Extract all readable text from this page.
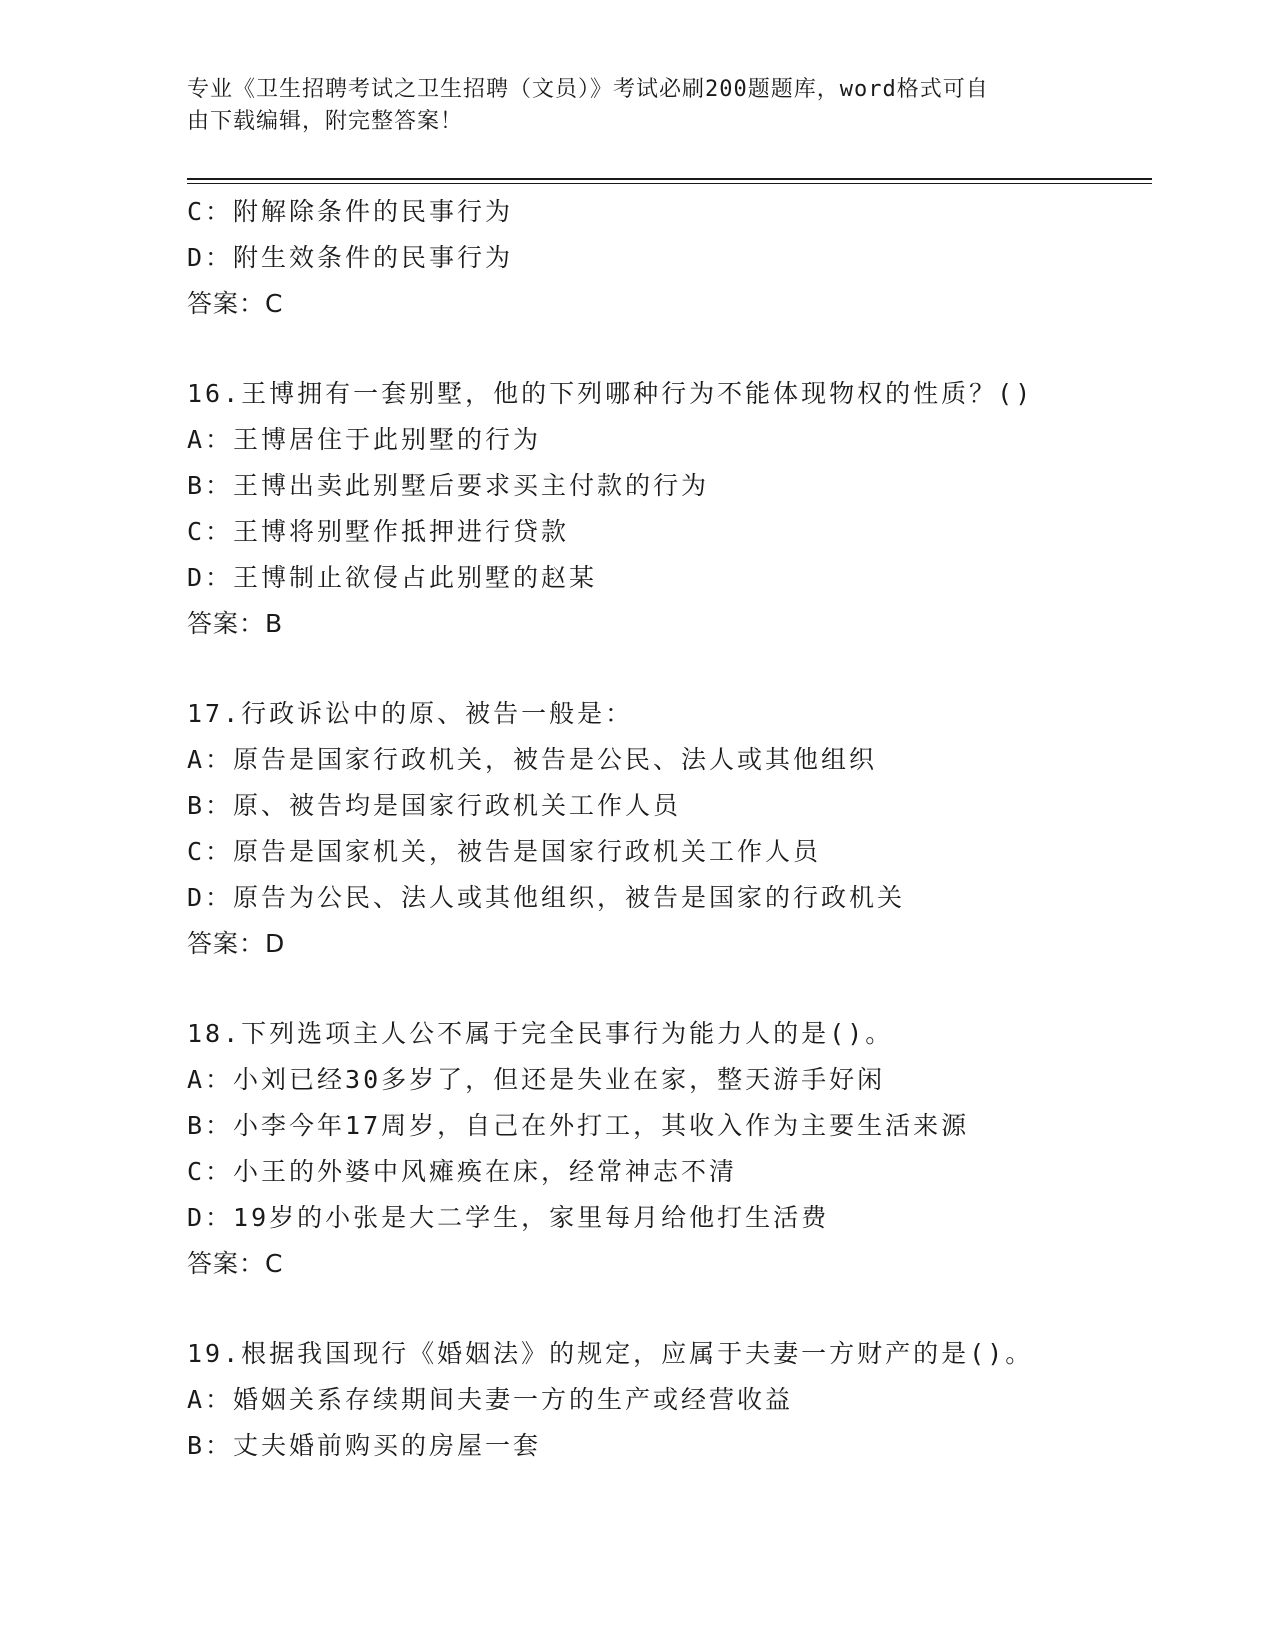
专业《卫生招聘考试之卫生招聘（文员）》考试必刷200题题库，word格式可自
由下载编辑，附完整答案！
C：附解除条件的民事行为
D：附生效条件的民事行为
答案：C
16.王博拥有一套别墅，他的下列哪种行为不能体现物权的性质？()
A：王博居住于此别墅的行为
B：王博出卖此别墅后要求买主付款的行为
C：王博将别墅作抵押进行贷款
D：王博制止欲侵占此别墅的赵某
答案：B
17.行政诉讼中的原、被告一般是：
A：原告是国家行政机关，被告是公民、法人或其他组织
B：原、被告均是国家行政机关工作人员
C：原告是国家机关，被告是国家行政机关工作人员
D：原告为公民、法人或其他组织，被告是国家的行政机关
答案：D
18.下列选项主人公不属于完全民事行为能力人的是()。
A：小刘已经30多岁了，但还是失业在家，整天游手好闲
B：小李今年17周岁，自己在外打工，其收入作为主要生活来源
C：小王的外婆中风瘫痪在床，经常神志不清
D：19岁的小张是大二学生，家里每月给他打生活费
答案：C
19.根据我国现行《婚姻法》的规定，应属于夫妻一方财产的是()。
A：婚姻关系存续期间夫妻一方的生产或经营收益
B：丈夫婚前购买的房屋一套
